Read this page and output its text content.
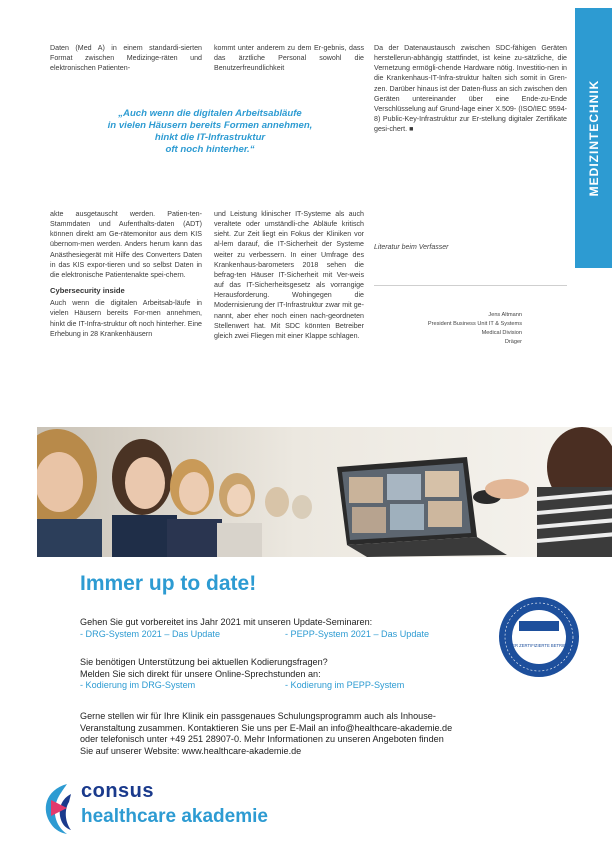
MEDIZINTECHNIK

Daten (Med A) in einem standardi-sierten Format zwischen Medizinge-räten und elektronischen Patienten-

kommt unter anderem zu dem Er-gebnis, dass das ärztliche Personal sowohl die Benutzerfreundlichkeit

„Auch wenn die digitalen Arbeitsabläufe
in vielen Häusern bereits Formen annehmen,
hinkt die IT-Infrastruktur
oft noch hinterher.“

akte ausgetauscht werden. Patien-ten-Stammdaten und Aufenthalts-daten (ADT) können direkt am Ge-rätemonitor aus dem KIS übernom-men werden. Anders herum kann das Anästhesiegerät mit Hilfe des Converters Daten in das KIS expor-tieren und so selbst Daten in die elektronische Patientenakte spei-chern.

Cybersecurity inside

Auch wenn die digitalen Arbeitsab-läufe in vielen Häusern bereits For-men annehmen, hinkt die IT-Infra-struktur oft noch hinterher. Eine Erhebung in 28 Krankenhäusern

und Leistung klinischer IT-Systeme als auch veraltete oder umständli-che Abläufe kritisch sieht. Zur Zeit liegt ein Fokus der Kliniken vor al-lem darauf, die IT-Sicherheit der Systeme weiter zu verbessern. In einer Umfrage des Krankenhaus-barometers 2018 sehen die befrag-ten Häuser IT-Sicherheit mit Ver-weis auf das IT-Sicherheitsgesetz als vorrangige Herausforderung. Wohingegen die Modernisierung der IT-Infrastruktur zwar mit ge-nannt, aber eher noch einen nach-geordneten Stellenwert hat. Mit SDC könnten Betreiber gleich zwei Fliegen mit einer Klappe schlagen.

Da der Datenaustausch zwischen SDC-fähigen Geräten herstellerun-abhängig stattfindet, ist keine zu-sätzliche, die Vernetzung ermögli-chende Hardware nötig. Investitio-nen in die Krankenhaus-IT-Infra-struktur halten sich somit in Gren-zen. Darüber hinaus ist der Daten-fluss an sich zwischen den Geräten untereinander über eine Ende-zu-Ende Verschlüsselung auf Grund-lage einer X.509- (ISO/IEC 9594-8) Public-Key-Infrastruktur zur Er-stellung digitaler Zertifikate gesi-chert. ■

Literatur beim Verfasser
Jens Altmann
President Business Unit IT & Systems
Medical Division
Dräger
Immer up to date!
Gehen Sie gut vorbereitet ins Jahr 2021 mit unseren Update-Seminaren:
- DRG-System 2021 – Das Update	- PEPP-System 2021 – Das Update
Sie benötigen Unterstützung bei aktuellen Kodierungsfragen?
Melden Sie sich direkt für unsere Online-Sprechstunden an:
- Kodierung im DRG-System	- Kodierung im PEPP-System
Gerne stellen wir für Ihre Klinik ein passgenaues Schulungsprogramm auch als Inhouse-
Veranstaltung zusammen. Kontaktieren Sie uns per E-Mail an info@healthcare-akademie.de
oder telefonisch unter +49 251 28907-0. Mehr Informationen zu unseren Angeboten finden
Sie auf unserer Website: www.healthcare-akademie.de
DER ZERTIFIZIERTE BETRIEB
consus
healthcare akademie
